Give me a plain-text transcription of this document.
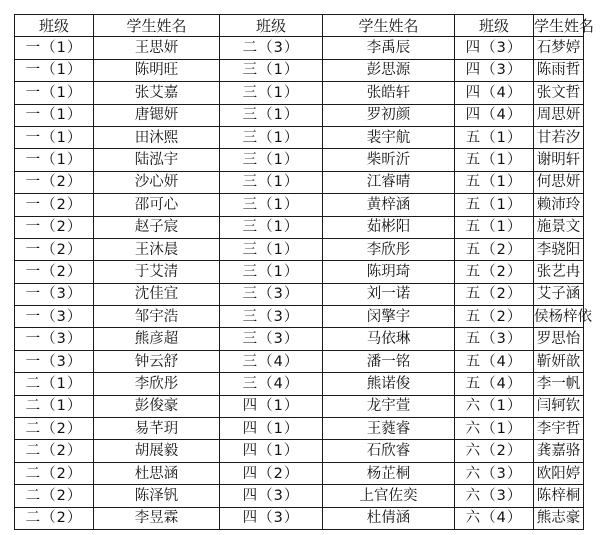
班级	学生姓名	班级	学生姓名	班级	学生姓名
一（1）	王思妍	二（3）	李禹辰	四（3）	石梦婷
一（1）	陈明旺	三（1）	彭思源	四（3）	陈雨哲
一（1）	张艾嘉	三（1）	张皓轩	四（4）	张文哲
一（1）	唐锶妍	三（1）	罗初颜	四（4）	周思妍
一（1）	田沐熙	三（1）	裴宇航	五（1）	甘若汐
一（1）	陆泓宇	三（1）	柴昕沂	五（1）	谢明轩
一（2）	沙心妍	三（1）	江睿晴	五（1）	何思妍
一（2）	邵可心	三（1）	黄梓涵	五（1）	赖沛玲
一（2）	赵子宸	三（1）	茹彬阳	五（1）	施景文
一（2）	王沐晨	三（1）	李欣彤	五（2）	李骁阳
一（2）	于艾清	三（1）	陈玥琦	五（2）	张艺冉
一（3）	沈佳宜	三（3）	刘一诺	五（2）	艾子涵
一（3）	邹宇浩	三（3）	闵擎宇	五（2）	侯杨梓依
一（3）	熊彦超	三（3）	马依琳	五（3）	罗思怡
一（3）	钟云舒	三（4）	潘一铭	五（4）	靳妍歆
二（1）	李欣彤	三（4）	熊诺俊	五（4）	李一帆
二（1）	彭俊豪	四（1）	龙宇萱	六（1）	闫轲钦
二（2）	易芊玥	四（1）	王蕤睿	六（1）	李宇哲
二（2）	胡展毅	四（1）	石欣睿	六（2）	龚嘉骆
二（2）	杜思涵	四（2）	杨芷桐	六（3）	欧阳婷
二（2）	陈泽钒	四（3）	上官佐奕	六（3）	陈梓桐
二（2）	李昱霖	四（3）	杜倩涵	六（4）	熊志豪
